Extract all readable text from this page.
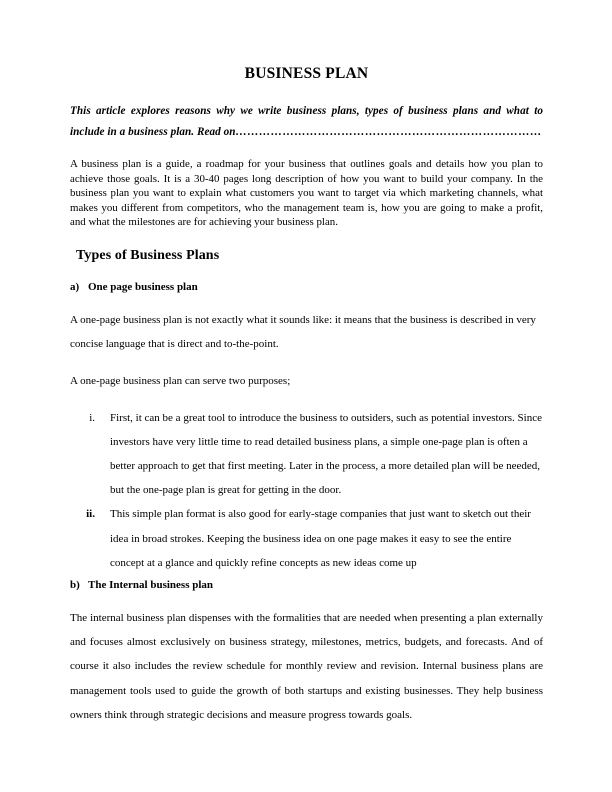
BUSINESS PLAN

This article explores reasons why we write business plans, types of business plans and what to include in a business plan. Read on……………………………………………………………………

A business plan is a guide, a roadmap for your business that outlines goals and details how you plan to achieve those goals. It is a 30-40 pages long description of how you want to build your company. In the business plan you want to explain what customers you want to target via which marketing channels, what makes you different from competitors, who the management team is, how you are going to make a profit, and what the milestones are for achieving your business plan.

Types of Business Plans
a) One page business plan

A one-page business plan is not exactly what it sounds like: it means that the business is described in very concise language that is direct and to-the-point.

A one-page business plan can serve two purposes;

i.	First, it can be a great tool to introduce the business to outsiders, such as potential investors. Since investors have very little time to read detailed business plans, a simple one-page plan is often a better approach to get that first meeting. Later in the process, a more detailed plan will be needed, but the one-page plan is great for getting in the door.
ii.	This simple plan format is also good for early-stage companies that just want to sketch out their idea in broad strokes. Keeping the business idea on one page makes it easy to see the entire concept at a glance and quickly refine concepts as new ideas come up
b) The Internal business plan

The internal business plan dispenses with the formalities that are needed when presenting a plan externally and focuses almost exclusively on business strategy, milestones, metrics, budgets, and forecasts. And of course it also includes the review schedule for monthly review and revision. Internal business plans are management tools used to guide the growth of both startups and existing businesses. They help business owners think through strategic decisions and measure progress towards goals.
